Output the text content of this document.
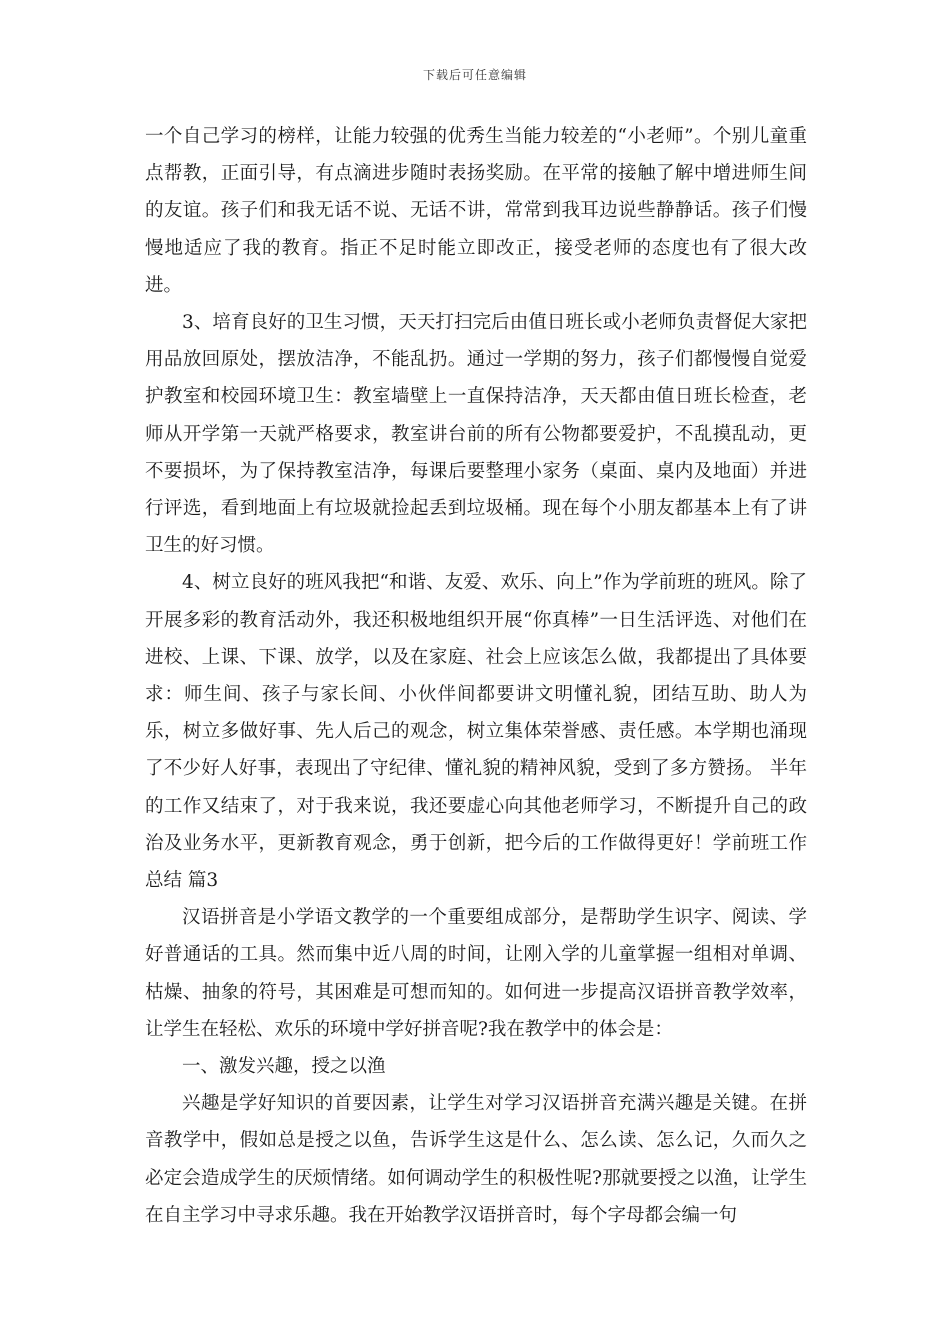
下载后可任意编辑

一个自己学习的榜样，让能力较强的优秀生当能力较差的“小老师”。个别儿童重点帮教，正面引导，有点滴进步随时表扬奖励。在平常的接触了解中增进师生间的友谊。孩子们和我无话不说、无话不讲，常常到我耳边说些静静话。孩子们慢慢地适应了我的教育。指正不足时能立即改正，接受老师的态度也有了很大改进。

3、培育良好的卫生习惯，天天打扫完后由值日班长或小老师负责督促大家把用品放回原处，摆放洁净，不能乱扔。通过一学期的努力，孩子们都慢慢自觉爱护教室和校园环境卫生：教室墙壁上一直保持洁净，天天都由值日班长检查，老师从开学第一天就严格要求，教室讲台前的所有公物都要爱护，不乱摸乱动，更不要损坏，为了保持教室洁净，每课后要整理小家务（桌面、桌内及地面）并进行评选，看到地面上有垃圾就捡起丢到垃圾桶。现在每个小朋友都基本上有了讲卫生的好习惯。

4、树立良好的班风我把“和谐、友爱、欢乐、向上”作为学前班的班风。除了开展多彩的教育活动外，我还积极地组织开展“你真棒”一日生活评选、对他们在进校、上课、下课、放学，以及在家庭、社会上应该怎么做，我都提出了具体要求：师生间、孩子与家长间、小伙伴间都要讲文明懂礼貌，团结互助、助人为乐，树立多做好事、先人后己的观念，树立集体荣誉感、责任感。本学期也涌现了不少好人好事，表现出了守纪律、懂礼貌的精神风貌，受到了多方赞扬。 半年的工作又结束了，对于我来说，我还要虚心向其他老师学习，不断提升自己的政治及业务水平，更新教育观念，勇于创新，把今后的工作做得更好！学前班工作总结 篇3

汉语拼音是小学语文教学的一个重要组成部分，是帮助学生识字、阅读、学好普通话的工具。然而集中近八周的时间，让刚入学的儿童掌握一组相对单调、枯燥、抽象的符号，其困难是可想而知的。如何进一步提高汉语拼音教学效率，让学生在轻松、欢乐的环境中学好拼音呢?我在教学中的体会是：

一、激发兴趣，授之以渔

兴趣是学好知识的首要因素，让学生对学习汉语拼音充满兴趣是关键。在拼音教学中，假如总是授之以鱼，告诉学生这是什么、怎么读、怎么记，久而久之必定会造成学生的厌烦情绪。如何调动学生的积极性呢?那就要授之以渔，让学生在自主学习中寻求乐趣。我在开始教学汉语拼音时，每个字母都会编一句
